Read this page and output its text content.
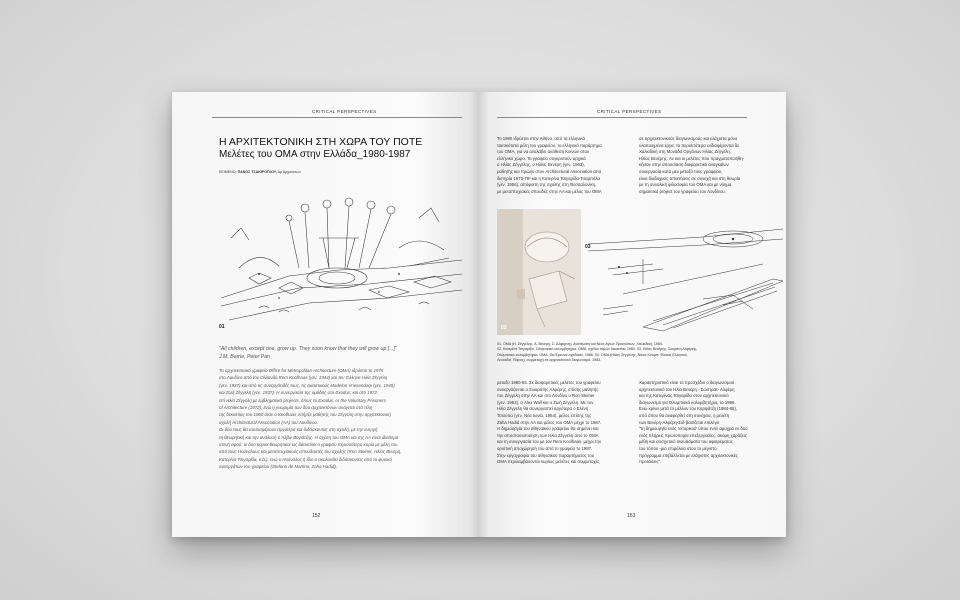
CRITICAL PERSPECTIVES
Η ΑΡΧΙΤΕΚΤΟΝΙΚΗ ΣΤΗ ΧΩΡΑ ΤΟΥ ΠΟΤΕ
Μελέτες του ΟΜΑ στην Ελλάδα_1980-1987
ΚΕΙΜΕΝΟ: ΠΑΝΟΣ ΤΣΑΚΙΡΟΓΛΟΥ, Δρ Αρχιτέκτων
01
"All children, except one, grow up. They soon know that they will grow up [...]"
J.M. Barrie, Peter Pan
Το αρχιτεκτονικό γραφείο Office for Metropolitan Architecture (OMA) ιδρύεται το 1975
στο Λονδίνο από τον Ολλανδό Rem Koolhaas (γεν. 1944) και τον Έλληνα Ηλία Ζέγγελη
(γεν. 1937) και από τις συνεργάτιδές τους, τις εικαστικούς Madelon Vriesendorp (γεν. 1945)
και Ζωή Ζέγγελη (γεν. 1937). Η συνεργασία της ομάδας στο Exodus; και στο 1972
επί Ηλία Ζέγγελη με εμβληματικά projects, όπως το Exodus, or the Voluntary Prisoners
of Architecture (1972), ενώ η γνωριμία των δύο αρχιτεκτόνων ανάγεται στα τέλη
της δεκαετίας του 1960 όταν ο Koolhaas υπήρξε μαθητής του Ζέγγελη στην αρχιτεκτονική
σχολή Architectural Association (AA) του Λονδίνου.
Οι δύο τους θα συνεισφέρουν αργότερα και διδάσκοντας στη σχολή, με την ενεργή
τη θεωρητική και την ανάλυσή ο Άλβιν Βογιάτζης. Η σχέση του ΟΜΑ και της ΑΑ είναι ιδιαίτερα
στενή αφού: οι δύο κύριοι θεωρητικοί ως δάσκαλοι ο γραφείο περισσότερο κυρία με μέλη του
από τους Ηούναλους και μεταπτυχιακούς σπουδαστές του σχολής (Ron Steiner, Ηλίας Βενέρη,
Κατερίνα Τσιγαρίδα, κ.ά.), ενώ ο Ηούναλος ή ίδιο ο ακολουθεί διδάσκοντας από το φυσικό
συνεργάτων του γραφείου (Stefano de Martino, Zaha Hadid).
152
CRITICAL PERSPECTIVES
Το 1980 ιδρύεται στην Αθήνα, από τα ελληνικά
τακτικότατα μέλη του γραφείου, το ελληνικό παράρτημα
του ΟΜΑ, για να αναλάβει ανάθεση Κοινών στον
ελληνικό χώρο. Το γραφείο συγκροτούν αρχικά
ο Ηλίας Ζέγγελης, ο Ηλίας Βενέρη (γεν. 1953),
μαθητής και πρώην στον Architectural Association από
διετηρία 1973-78² και η Κατερίνα Τσιγαρίδα-Τσαμπάλα
(γεν. 1956), απόφοιτη της σχολής στη Θεσσαλονίκη,
με μεταπτυχιακές σπουδές στην ΑΑ και μέλος του ΟΜΑ
σε αρχιτεκτονικούς διαγωνισμούς και ελάχιστα μόνο
υλοποιημένα έργα, τα περισσότερα ενδιαφέρονται δε
Χαλκιδική στη Μονάδα Οργάνων Ηλίας Ζέγγελη,
Ηλίας Βενέρης. Αν και οι μελέτες που πραγματοποιήθη-
κήσαν στην απουσίαση διαφορετικά αναγκαίων
συνεργασία κατά μεν μεταξύ τους γραφείου,
είναι διαδοχικές απαιτήσεις σε συνεχή και στη θεωρία
με τη συνολική φιλοσοφία του ΟΜΑ και με νόημα
σημαντικό project του γραφείου του Λονδίνου.
02
03
01. ΟΜΑ (Η. Ζέγγελης, Α. Βενέρη, Σ. Αλφόρνη), Ανάπλαση και Νέος Αγίων Προσώπων, Χαλκιδική, 1984.
02. Κατερίνα Τσιγαρίδα, Ολυμπιακό κολυμβητήριο, ΟΜΑ, σχέδιο τομών δεκαετίας 1980. 03. Ηλίας Βενέρης, Σοκράτη Αλφέρης,
Ολυμπιακό κολυμβητήριο, ΟΜΑ, Θα Ερευνα-σχεδίασε, 1986. 04. ΟΜΑ (Ηλίας Ζέγγελης, Νίκος Κούμπ, Φίκκας Ελληνικό,
Λευκάδα, Πάρος), συμμετοχή σε αρχιτεκτονικό διαγωνισμό, 1983.
μεταξύ 1980-84. Σε διαφορετικές μελέτες του γραφείου
συνεργάζονται ο Σωκράτης Αλφέρης, επίσης μαθητής
του Ζέγγελη στην ΑΑ και στο Λονδίνο ο Ron Steiner
(γεν. 1952), ο Alex Wall και ο Ζωή Ζέγγελη. Με τον
Ηλία Ζέγγελη θα συνεργαστεί αργότερα ο Ελένη
Τσιούπα (γεν. Νέα Ιωνία, 1954), μέλος επίσης της
Zaha Hadid στην ΑΑ και μέλος του ΟΜΑ μέχρι το 1987.
Η δημιουργία του αθηναϊκού γραφείου θα σημάνει και
την αποστασιοποίηση των Ηλία Ζέγγελη από το ΟΜΑ
και τη συνεργασία του με τον Rem Koolhaas, μέχρι την
οριστική αποχώρησή του από το γραφείο το 1987.
Στην εργογραφία του αθηναϊκού παραρτήματος του
ΟΜΑ περιλαμβάνονται κυρίως μελέτες και συμμετοχές
Χαρακτηριστικό είναι το προσχέδιο ο διαγωνισμού
αρχιτεκτονικό του Ηλία Βενέρη - Σώστρατ- Αλφέρη
και της Κατερίνας Τσιγαρίδα στον αρχιτεκτονικό
διαγωνισμό για Ολυμπιακό κολυμβητήριο, το 1986.
Ενώ κρίνει μετά το μέλλον του Καρφάτζη (1984-85),
από όπου θα αναφερθεί στη συνέχεια, η μελέτη
των Βενέρη-Αλφέρη-Σιδ-βασίζεται επιλέγει
"τη δημιουργία ενός 'ιστορικού' ύπου ενόν αμυχρά εν δυο
ενός πλήρεις πρωτοπορία επεξεργασίες, ακόμη χαράξεις
μέθη και ενισχυτικό σκευάσματα του αφαιρέματος
του τόπου -μια επιμέλεια στου το μέγιστο
πρόγραμμα επιβάλλεται με ελάχιστες αρχιτεκτονικές
προτάσεις".
153
